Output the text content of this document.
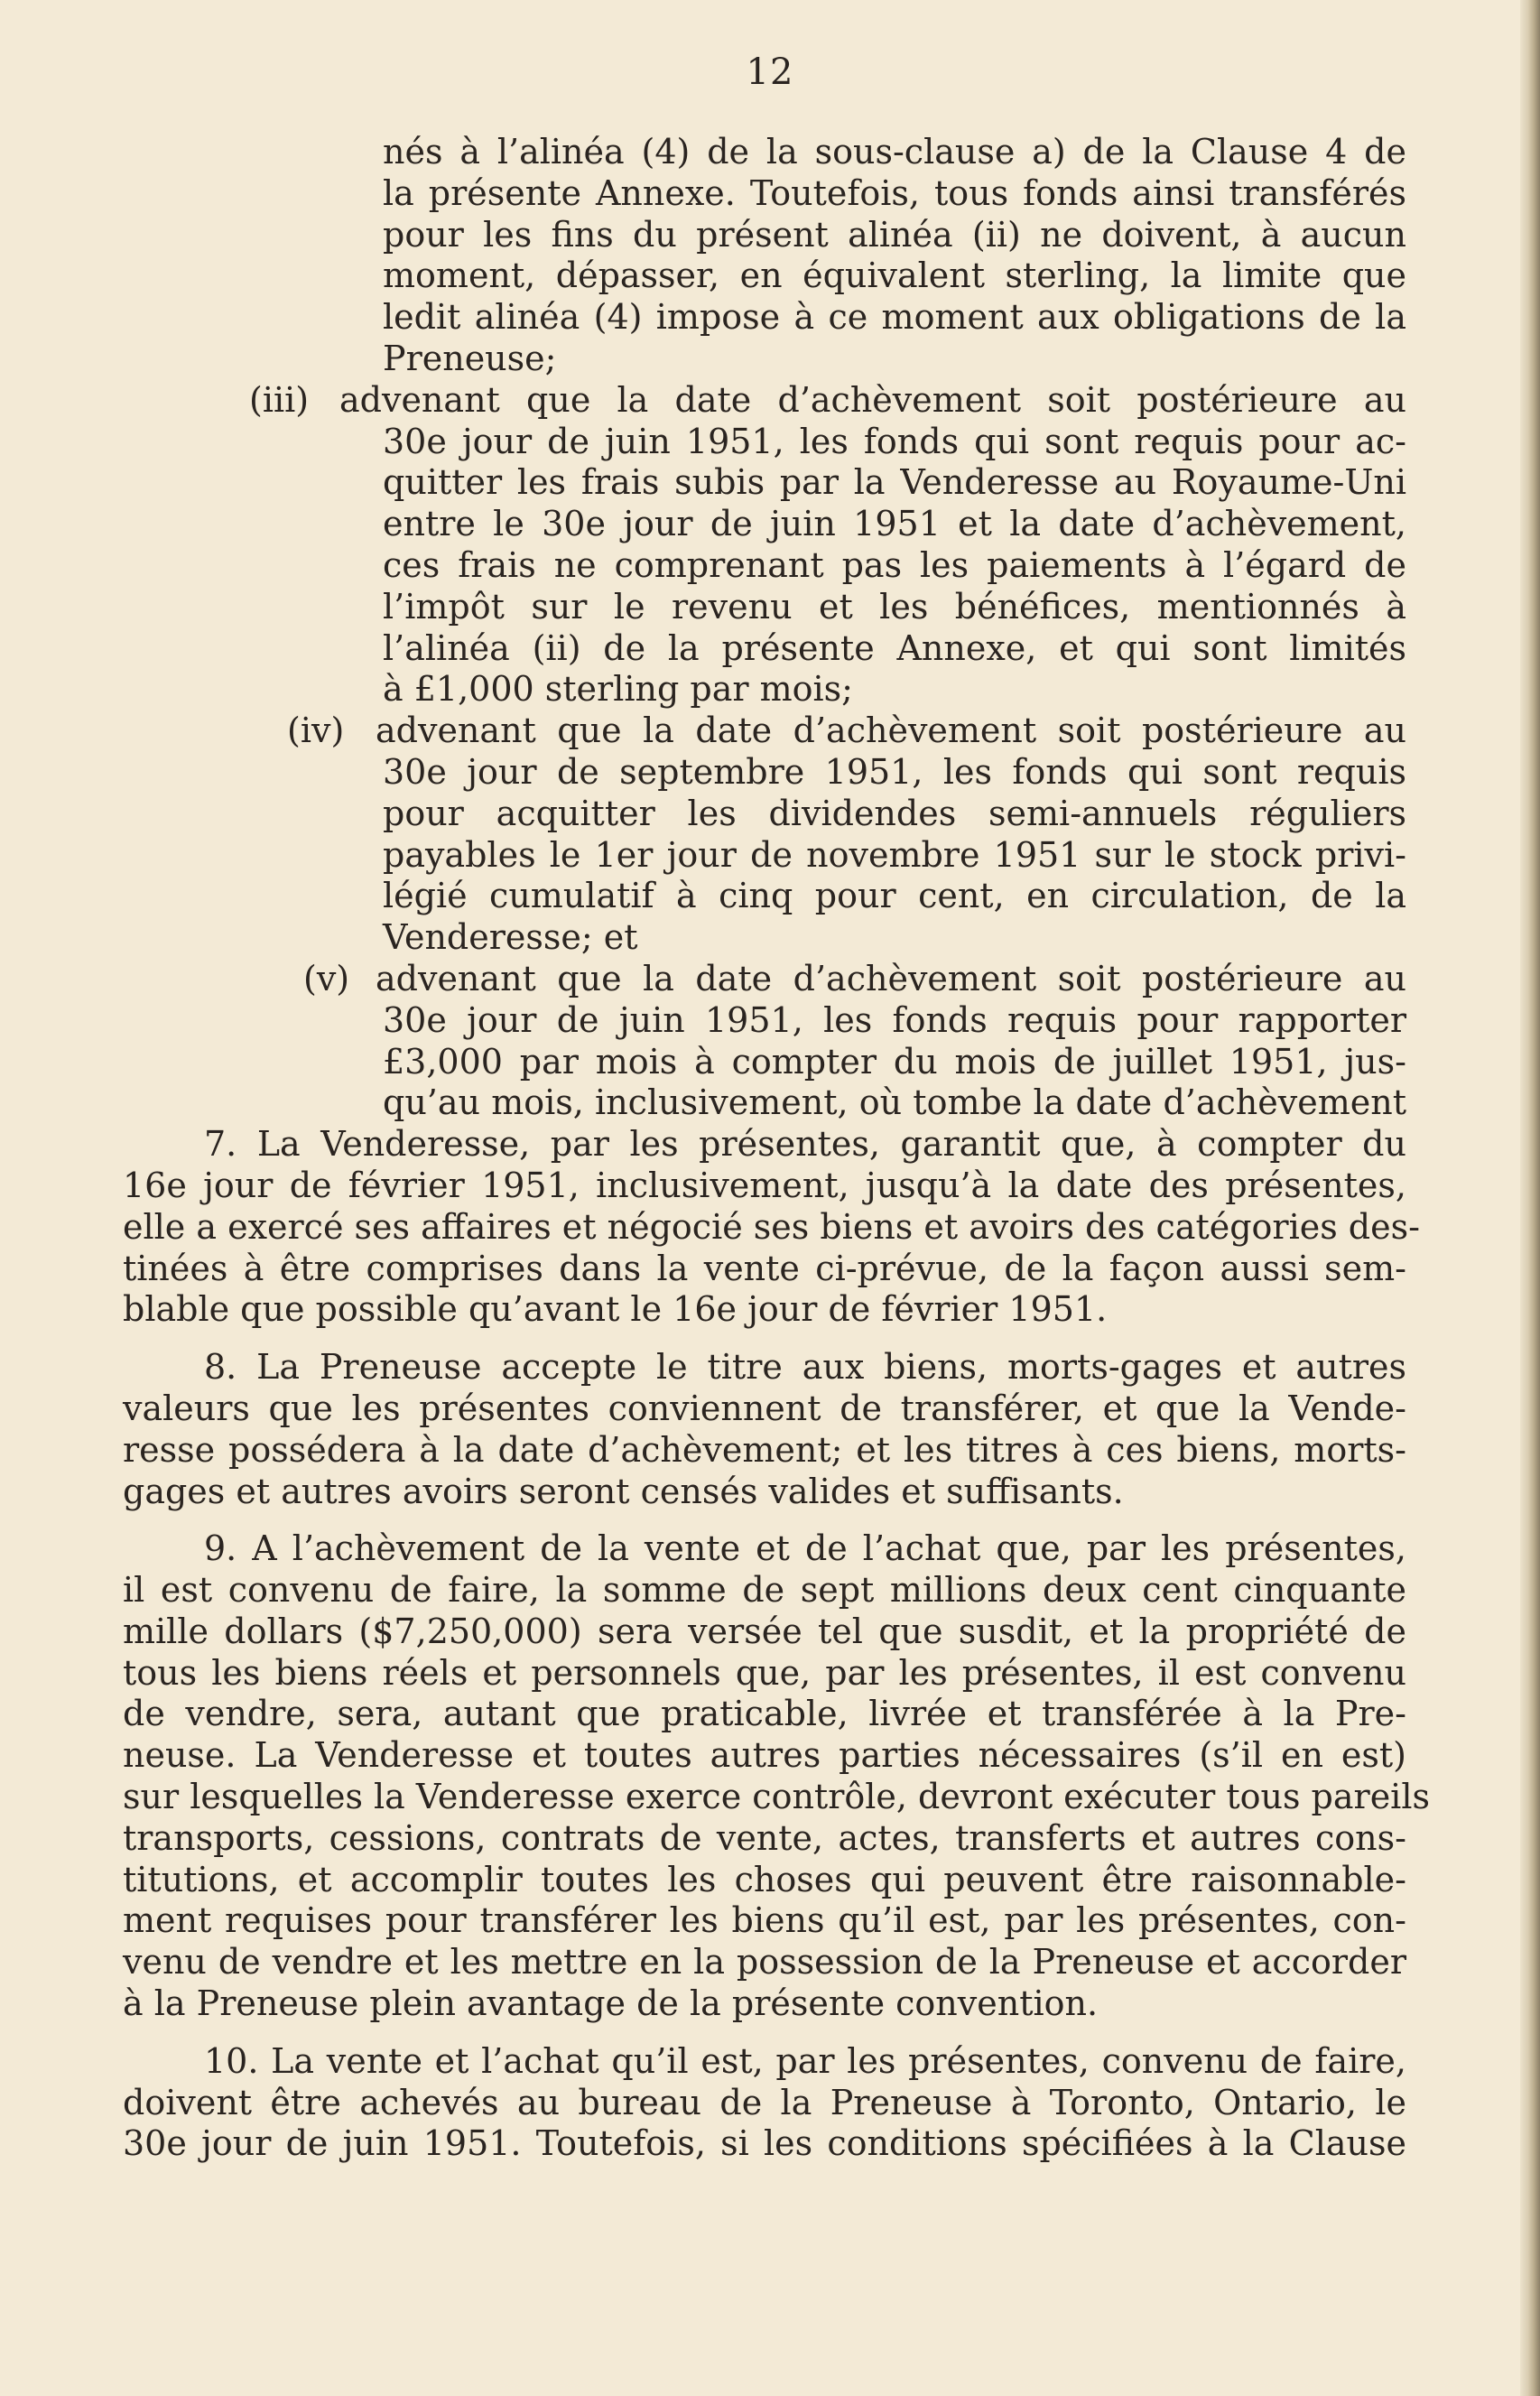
12
nés à l’alinéa (4) de la sous-clause a) de la Clause 4 de
la présente Annexe. Toutefois, tous fonds ainsi transférés
pour les fins du présent alinéa (ii) ne doivent, à aucun
moment, dépasser, en équivalent sterling, la limite que
ledit alinéa (4) impose à ce moment aux obligations de la
Preneuse;
(iii) advenant que la date d’achèvement soit postérieure au
30e jour de juin 1951, les fonds qui sont requis pour ac-
quitter les frais subis par la Venderesse au Royaume-Uni
entre le 30e jour de juin 1951 et la date d’achèvement,
ces frais ne comprenant pas les paiements à l’égard de
l’impôt sur le revenu et les bénéfices, mentionnés à
l’alinéa (ii) de la présente Annexe, et qui sont limités
à £1,000 sterling par mois;
(iv) advenant que la date d’achèvement soit postérieure au
30e jour de septembre 1951, les fonds qui sont requis
pour acquitter les dividendes semi-annuels réguliers
payables le 1er jour de novembre 1951 sur le stock privi-
légié cumulatif à cinq pour cent, en circulation, de la
Venderesse; et
(v) advenant que la date d’achèvement soit postérieure au
30e jour de juin 1951, les fonds requis pour rapporter
£3,000 par mois à compter du mois de juillet 1951, jus-
qu’au mois, inclusivement, où tombe la date d’achèvement
7. La Venderesse, par les présentes, garantit que, à compter du
16e jour de février 1951, inclusivement, jusqu’à la date des présentes,
elle a exercé ses affaires et négocié ses biens et avoirs des catégories des-
tinées à être comprises dans la vente ci-prévue, de la façon aussi sem-
blable que possible qu’avant le 16e jour de février 1951.
8. La Preneuse accepte le titre aux biens, morts-gages et autres
valeurs que les présentes conviennent de transférer, et que la Vende-
resse possédera à la date d’achèvement; et les titres à ces biens, morts-
gages et autres avoirs seront censés valides et suffisants.
9. A l’achèvement de la vente et de l’achat que, par les présentes,
il est convenu de faire, la somme de sept millions deux cent cinquante
mille dollars ($7,250,000) sera versée tel que susdit, et la propriété de
tous les biens réels et personnels que, par les présentes, il est convenu
de vendre, sera, autant que praticable, livrée et transférée à la Pre-
neuse. La Venderesse et toutes autres parties nécessaires (s’il en est)
sur lesquelles la Venderesse exerce contrôle, devront exécuter tous pareils
transports, cessions, contrats de vente, actes, transferts et autres cons-
titutions, et accomplir toutes les choses qui peuvent être raisonnable-
ment requises pour transférer les biens qu’il est, par les présentes, con-
venu de vendre et les mettre en la possession de la Preneuse et accorder
à la Preneuse plein avantage de la présente convention.
10. La vente et l’achat qu’il est, par les présentes, convenu de faire,
doivent être achevés au bureau de la Preneuse à Toronto, Ontario, le
30e jour de juin 1951. Toutefois, si les conditions spécifiées à la Clause
